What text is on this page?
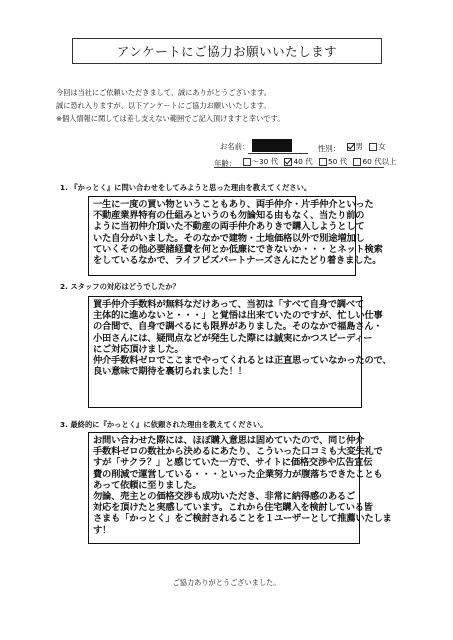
アンケートにご協力お願いいたします
今回は当社にご依頼いただきまして、誠にありがとうございます。
誠に恐れ入りますが、以下アンケートにご協力お願いいたします。
※個人情報に関しては差し支えない範囲でご記入頂けますと幸いです。
お名前：	性別： 男
女
年齢： 〜30 代
40 代
50 代
60 代以上
1. 『かっとく』に問い合わせをしてみようと思った理由を教えてください。
一生に一度の買い物ということもあり、両手仲介・片手仲介といった
不動産業界特有の仕組みというのも勿論知る由もなく、当たり前の
ように当初仲介頂いた不動産の両手仲介ありきで購入しようとして
いた自分がいました。そのなかで建物・土地価格以外で別途増加し
ていくその他必要諸経費を何とか低廉にできないか・・・とネット検索
をしているなかで、ライフビズパートナーズさんにたどり着きました。
2. スタッフの対応はどうでしたか？
買手仲介手数料が無料なだけあって、当初は「すべて自身で調べて
主体的に進めないと・・・」と覚悟は出来ていたのですが、忙しい仕事
の合間で、自身で調べるにも限界がありました。そのなかで福島さん・
小田さんには、疑問点などが発生した際には誠実にかつスピーディー
にご対応頂けました。
仲介手数料ゼロでここまでやってくれるとは正直思っていなかったので、
良い意味で期待を裏切られました！！
3. 最終的に『かっとく』に依頼された理由を教えてください。
お問い合わせた際には、ほぼ購入意思は固めていたので、同じ仲介
手数料ゼロの数社から決めるにあたり、こういった口コミも大変失礼で
すが「サクラ？」と感じていた一方で、サイトに価格交渉や広告宣伝
費の削減で運営している・・・といった企業努力が腹落ちできたことも
あって依頼に至りました。
勿論、売主との価格交渉も成功いただき、非常に納得感のあるご
対応を頂けたと実感しています。これから住宅購入を検討している皆
さまも「かっとく」をご検討されることを１ユーザーとして推薦いたしま
す！
ご協力ありがとうございました。
